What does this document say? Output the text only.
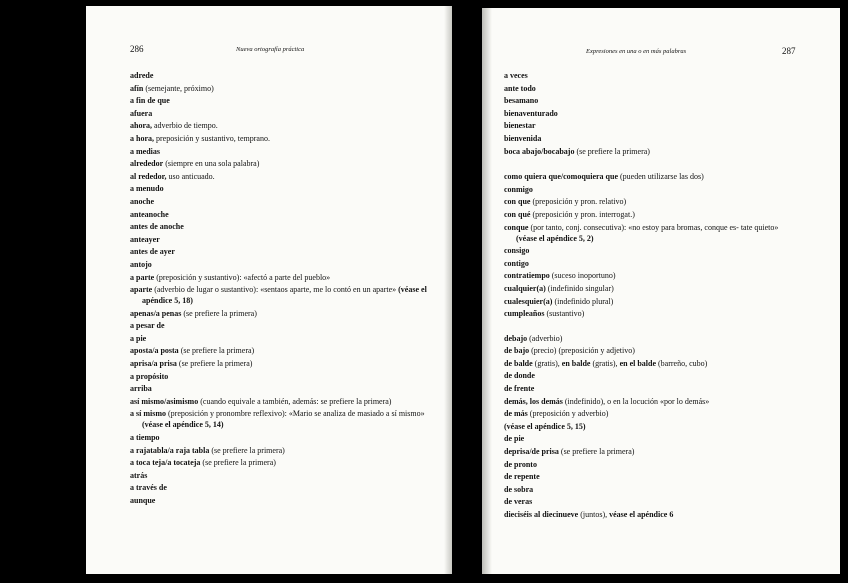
286	Nueva ortografía práctica
adrede
afín (semejante, próximo)
a fin de que
afuera
ahora, adverbio de tiempo.
a hora, preposición y sustantivo, temprano.
a medias
alrededor (siempre en una sola palabra)
al rededor, uso anticuado.
a menudo
anoche
anteanoche
antes de anoche
anteayer
antes de ayer
antojo
a parte (preposición y sustantivo): «afectó a parte del pueblo»
aparte (adverbio de lugar o sustantivo): «sentaos aparte, me lo contó en un aparte» (véase el apéndice 5, 18)
apenas/a penas (se prefiere la primera)
a pesar de
a pie
aposta/a posta (se prefiere la primera)
aprisa/a prisa (se prefiere la primera)
a propósito
arriba
así mismo/asimismo (cuando equivale a también, además: se prefiere la primera)
a sí mismo (preposición y pronombre reflexivo): «Mario se analiza de masiado a sí mismo» (véase el apéndice 5, 14)
a tiempo
a rajatabla/a raja tabla (se prefiere la primera)
a toca teja/a tocateja (se prefiere la primera)
atrás
a través de
aunque
287
Expresiones en una o en más palabras
a veces
ante todo
besamano
bienaventurado
bienestar
bienvenida
boca abajo/bocabajo (se prefiere la primera)
como quiera que/comoquiera que (pueden utilizarse las dos)
conmigo
con que (preposición y pron. relativo)
con qué (preposición y pron. interrogat.)
conque (por tanto, conj. consecutiva): «no estoy para bromas, conque es- tate quieto» (véase el apéndice 5, 2)
consigo
contigo
contratiempo (suceso inoportuno)
cualquier(a) (indefinido singular)
cualesquier(a) (indefinido plural)
cumpleaños (sustantivo)
debajo (adverbio)
de bajo (precio) (preposición y adjetivo)
de balde (gratis), en balde (gratis), en el balde (barreño, cubo)
de donde
de frente
demás, los demás (indefinido), o en la locución «por lo demás»
de más (preposición y adverbio)
(véase el apéndice 5, 15)
de pie
deprisa/de prisa (se prefiere la primera)
de pronto
de repente
de sobra
de veras
dieciséis al diecinueve (juntos), véase el apéndice 6
